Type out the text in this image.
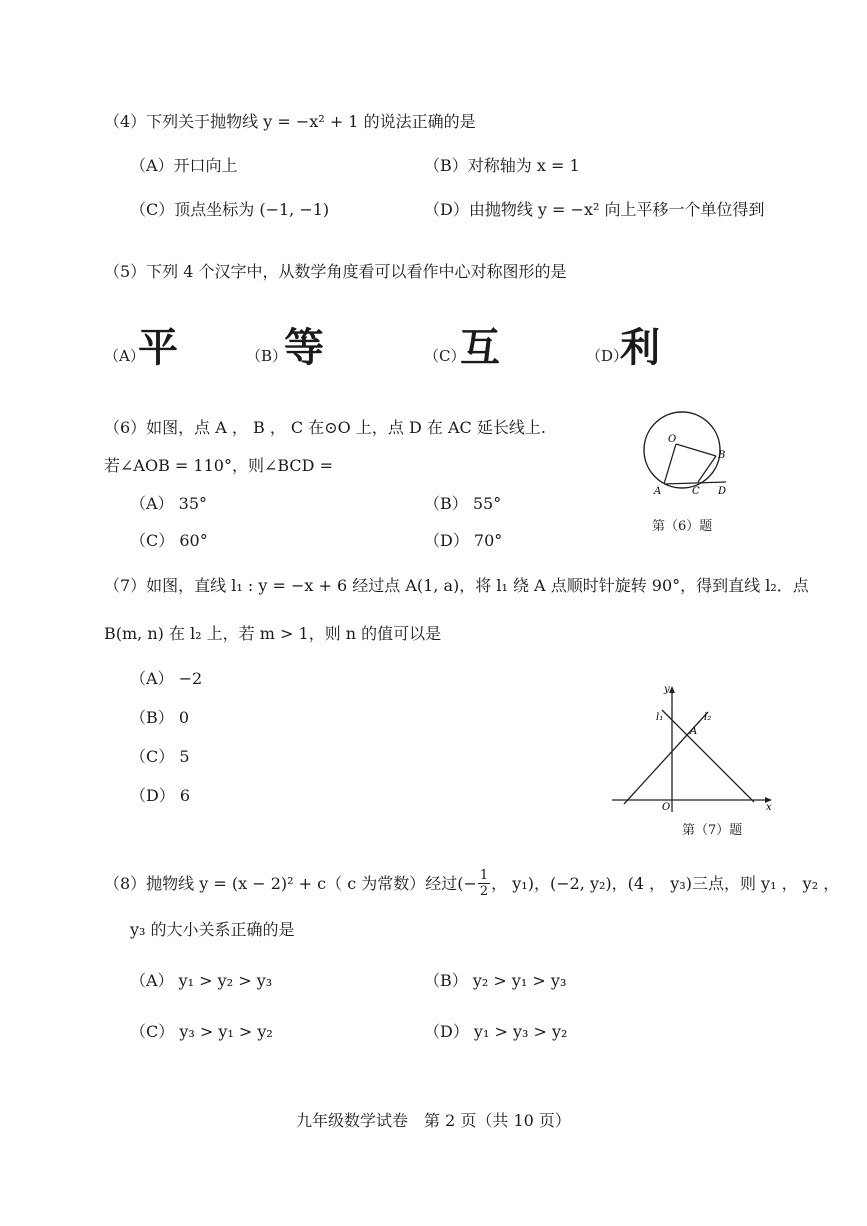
（4）下列关于抛物线 y = −x² + 1 的说法正确的是
（A）开口向上	（B）对称轴为 x = 1
（C）顶点坐标为 (−1, −1)	（D）由抛物线 y = −x² 向上平移一个单位得到
（5）下列 4 个汉字中，从数学角度看可以看作中心对称图形的是
（A）
平	（B）
等	（C）
互	（D）
利
（6）如图，点 A ， B ， C 在⊙O 上，点 D 在 AC 延长线上.
若∠AOB = 110°，则∠BCD =
（A） 35°	（B） 55°
（C） 60°	（D） 70°
O
B
A	C D
第（6）题
（7）如图，直线 l₁ : y = −x + 6 经过点 A(1, a)，将 l₁ 绕 A 点顺时针旋转 90°，得到直线 l₂．点
B(m, n) 在 l₂ 上，若 m > 1，则 n 的值可以是
（A） −2
（B） 0
（C） 5
（D） 6
y
x
O
A
l₁	l₂
第（7）题
（8）抛物线 y = (x − 2)² + c（ c 为常数）经过(− $\frac{1}{2}$ ， y₁)，(−2, y₂)，(4 ， y₃)三点，则 y₁ ， y₂ ，
y₃ 的大小关系正确的是
（A） y₁ > y₂ > y₃	（B） y₂ > y₁ > y₃
（C） y₃ > y₁ > y₂	（D） y₁ > y₃ > y₂
九年级数学试卷　第 2 页（共 10 页）
